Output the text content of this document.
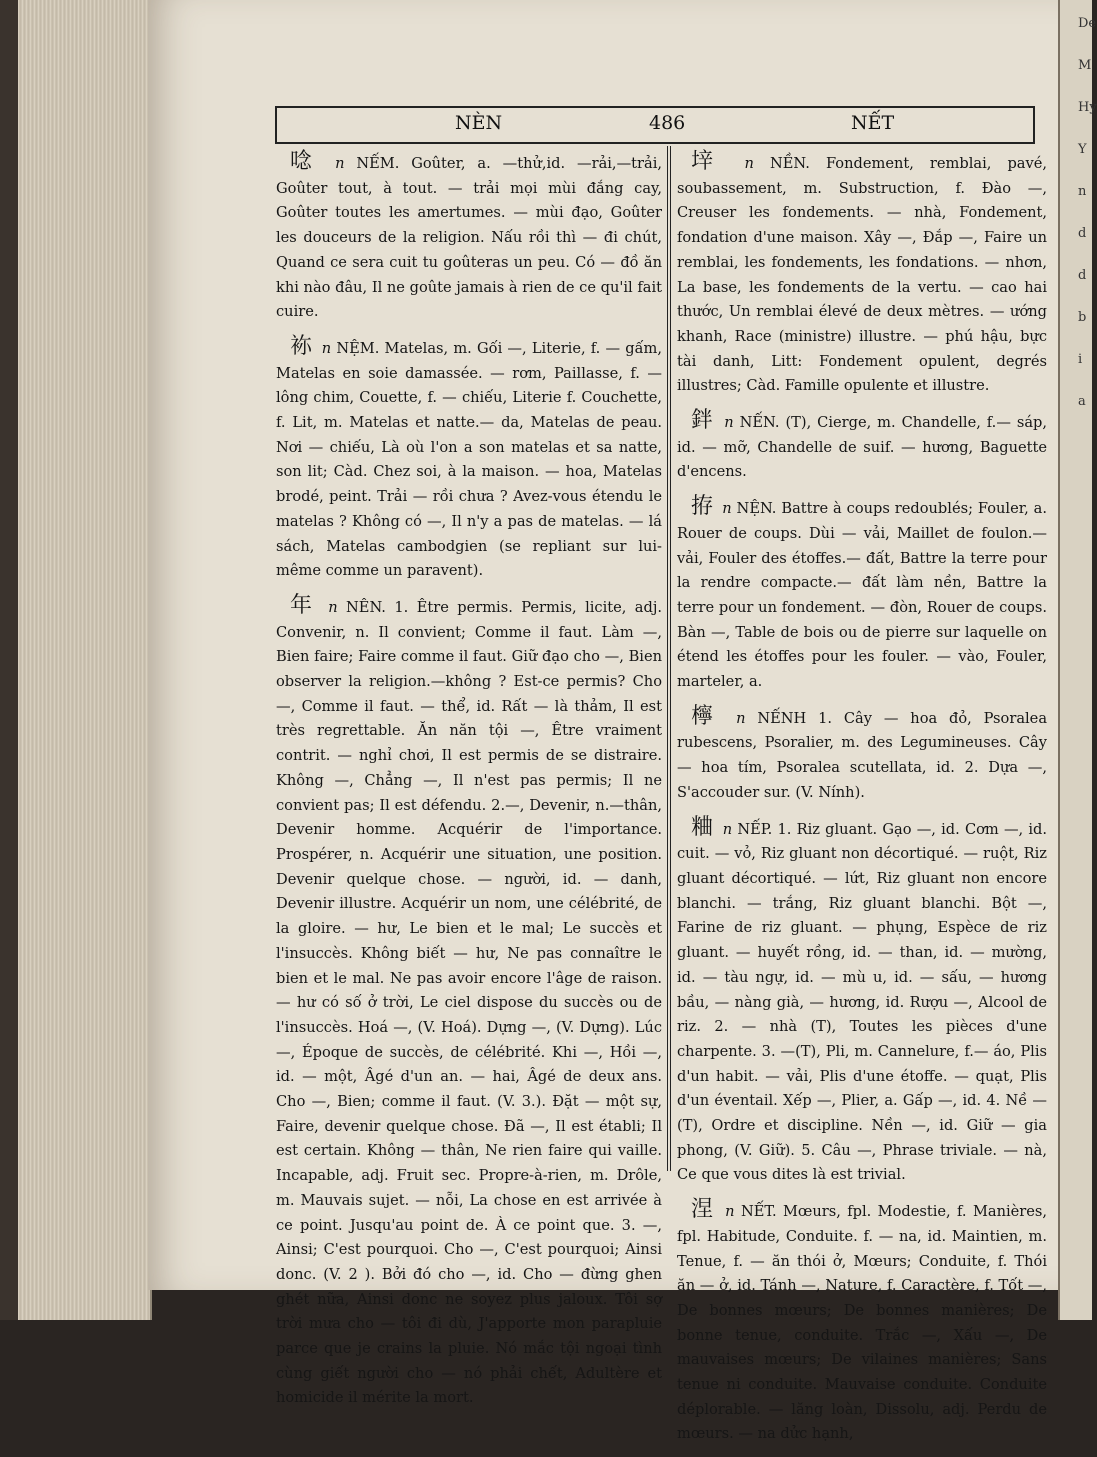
De
M
Hy
Y
n
d
d
b
i
a
NÈN	486	NẾT

唸 n NẾM. Goûter, a. —thử,id. —rải,—trải, Goûter tout, à tout. — trải mọi mùi đắng cay, Goûter toutes les amertumes. — mùi đạo, Goûter les douceurs de la religion. Nấu rồi thì — đi chút, Quand ce sera cuit tu goûteras un peu. Có — đồ ăn khi nào đâu, Il ne goûte jamais à rien de ce qu'il fait cuire.

袮 n NỆM. Matelas, m. Gối —, Literie, f. — gấm, Matelas en soie damassée. — rơm, Paillasse, f. — lông chim, Couette, f. — chiếu, Literie f. Couchette, f. Lit, m. Matelas et natte.— da, Matelas de peau. Nơi — chiếu, Là où l'on a son matelas et sa natte, son lit; Càd. Chez soi, à la maison. — hoa, Matelas brodé, peint. Trải — rồi chưa ? Avez-vous étendu le matelas ? Không có —, Il n'y a pas de matelas. — lá sách, Matelas cambodgien (se repliant sur lui-même comme un paravent).

年 n NÊN. 1. Être permis. Permis, licite, adj. Convenir, n. Il convient; Comme il faut. Làm —, Bien faire; Faire comme il faut. Giữ đạo cho —, Bien observer la religion.—không ? Est-ce permis? Cho —, Comme il faut. — thể, id. Rất — là thảm, Il est très regrettable. Ăn năn tội —, Être vraiment contrit. — nghỉ chơi, Il est permis de se distraire. Không —, Chẳng —, Il n'est pas permis; Il ne convient pas; Il est défendu. 2.—, Devenir, n.—thân, Devenir homme. Acquérir de l'importance. Prospérer, n. Acquérir une situation, une position. Devenir quelque chose. — người, id. — danh, Devenir illustre. Acquérir un nom, une célébrité, de la gloire. — hư, Le bien et le mal; Le succès et l'insuccès. Không biết — hư, Ne pas connaître le bien et le mal. Ne pas avoir encore l'âge de raison.— hư có số ở trời, Le ciel dispose du succès ou de l'insuccès. Hoá —, (V. Hoá). Dựng —, (V. Dựng). Lúc —, Époque de succès, de célébrité. Khi —, Hồi —, id. — một, Âgé d'un an. — hai, Âgé de deux ans. Cho —, Bien; comme il faut. (V. 3.). Đặt — một sự, Faire, devenir quelque chose. Đã —, Il est établi; Il est certain. Không — thân, Ne rien faire qui vaille. Incapable, adj. Fruit sec. Propre-à-rien, m. Drôle, m. Mauvais sujet. — nỗi, La chose en est arrivée à ce point. Jusqu'au point de. À ce point que. 3. —, Ainsi; C'est pourquoi. Cho —, C'est pourquoi; Ainsi donc. (V. 2 ). Bởi đó cho —, id. Cho — đừng ghen ghét nữa, Ainsi donc ne soyez plus jaloux. Tôi sợ trời mưa cho — tôi đi dù, J'apporte mon parapluie parce que je crains la pluie. Nó mắc tội ngoại tình cùng giết người cho — nó phải chết, Adultère et homicide il mérite la mort.

垶 n NỀN. Fondement, remblai, pavé, soubassement, m. Substruction, f. Đào —, Creuser les fondements. — nhà, Fondement, fondation d'une maison. Xây —, Đắp —, Faire un remblai, les fondements, les fondations. — nhơn, La base, les fondements de la vertu. — cao hai thước, Un remblai élevé de deux mètres. — ướng khanh, Race (ministre) illustre. — phú hậu, bực tài danh, Litt: Fondement opulent, degrés illustres; Càd. Famille opulente et illustre.

鉡 n NẾN. (T), Cierge, m. Chandelle, f.— sáp, id. — mỡ, Chandelle de suif. — hương, Baguette d'encens.

拵 n NỆN. Battre à coups redoublés; Fouler, a. Rouer de coups. Dùi — vải, Maillet de foulon.— vải, Fouler des étoffes.— đất, Battre la terre pour la rendre compacte.— đất làm nền, Battre la terre pour un fondement. — đòn, Rouer de coups. Bàn —, Table de bois ou de pierre sur laquelle on étend les étoffes pour les fouler. — vào, Fouler, marteler, a.

檸 n NẾNH 1. Cây — hoa đỏ, Psoralea rubescens, Psoralier, m. des Legumineuses. Cây — hoa tím, Psoralea scutellata, id. 2. Dựa —, S'accouder sur. (V. Nính).

粬 n NẾP. 1. Riz gluant. Gạo —, id. Cơm —, id. cuit. — vỏ, Riz gluant non décortiqué. — ruột, Riz gluant décortiqué. — lứt, Riz gluant non encore blanchi. — trắng, Riz gluant blanchi. Bột —, Farine de riz gluant. — phụng, Espèce de riz gluant. — huyết rồng, id. — than, id. — mường, id. — tàu ngự, id. — mù u, id. — sấu, — hương bầu, — nàng già, — hương, id. Rượu —, Alcool de riz. 2. — nhà (T), Toutes les pièces d'une charpente. 3. —(T), Pli, m. Cannelure, f.— áo, Plis d'un habit. — vải, Plis d'une étoffe. — quạt, Plis d'un éventail. Xếp —, Plier, a. Gấp —, id. 4. Nề — (T), Ordre et discipline. Nền —, id. Giữ — gia phong, (V. Giữ). 5. Câu —, Phrase triviale. — nà, Ce que vous dites là est trivial.

涅 n NẾT. Mœurs, fpl. Modestie, f. Manières, fpl. Habitude, Conduite. f. — na, id. Maintien, m. Tenue, f. — ăn thói ở, Mœurs; Conduite, f. Thói ăn — ở, id. Tánh —, Nature, f. Caractère, f. Tốt —, De bonnes mœurs; De bonnes manières; De bonne tenue, conduite. Trắc —, Xấu —, De mauvaises mœurs; De vilaines manières; Sans tenue ni conduite. Mauvaise conduite. Conduite déplorable. — lăng loàn, Dissolu, adj. Perdu de mœurs. — na dửc hạnh,
